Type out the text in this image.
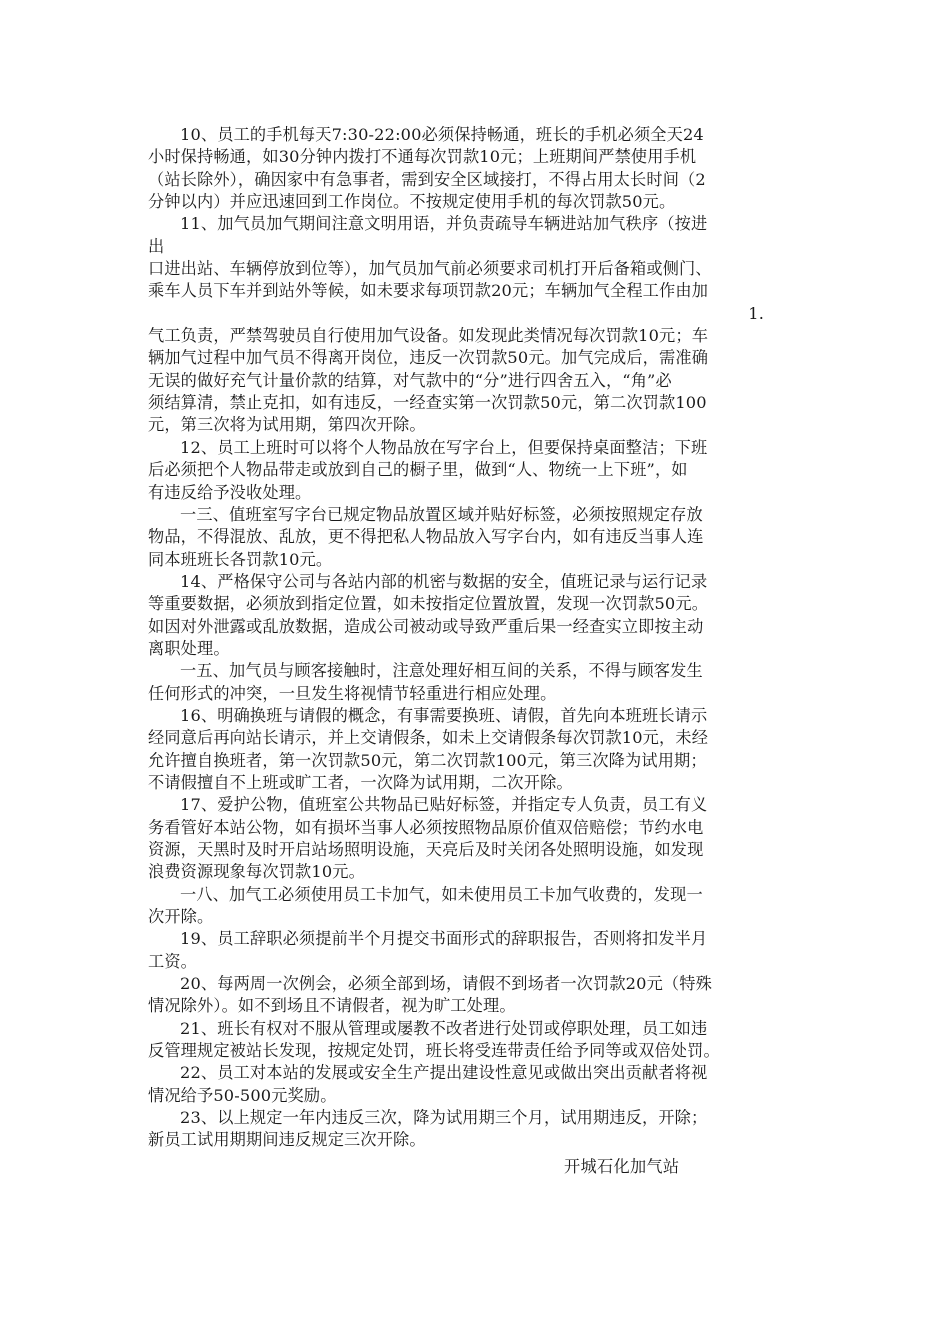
10、员工的手机每天7:30-22:00必须保持畅通，班长的手机必须全天24
小时保持畅通，如30分钟内拨打不通每次罚款10元；上班期间严禁使用手机
（站长除外），确因家中有急事者，需到安全区域接打，不得占用太长时间（2
分钟以内）并应迅速回到工作岗位。不按规定使用手机的每次罚款50元。
11、加气员加气期间注意文明用语，并负责疏导车辆进站加气秩序（按进
出
口进出站、车辆停放到位等），加气员加气前必须要求司机打开后备箱或侧门、
乘车人员下车并到站外等候，如未要求每项罚款20元；车辆加气全程工作由加
1.
气工负责，严禁驾驶员自行使用加气设备。如发现此类情况每次罚款10元；车
辆加气过程中加气员不得离开岗位，违反一次罚款50元。加气完成后，需准确
无误的做好充气计量价款的结算，对气款中的“分”进行四舍五入，“角”必
须结算清，禁止克扣，如有违反，一经查实第一次罚款50元，第二次罚款100
元，第三次将为试用期，第四次开除。
12、员工上班时可以将个人物品放在写字台上，但要保持桌面整洁；下班
后必须把个人物品带走或放到自己的橱子里，做到“人、物统一上下班”，如
有违反给予没收处理。
一三、值班室写字台已规定物品放置区域并贴好标签，必须按照规定存放
物品，不得混放、乱放，更不得把私人物品放入写字台内，如有违反当事人连
同本班班长各罚款10元。
14、严格保守公司与各站内部的机密与数据的安全，值班记录与运行记录
等重要数据，必须放到指定位置，如未按指定位置放置，发现一次罚款50元。
如因对外泄露或乱放数据，造成公司被动或导致严重后果一经查实立即按主动
离职处理。
一五、加气员与顾客接触时，注意处理好相互间的关系，不得与顾客发生
任何形式的冲突，一旦发生将视情节轻重进行相应处理。
16、明确换班与请假的概念，有事需要换班、请假，首先向本班班长请示
经同意后再向站长请示，并上交请假条，如未上交请假条每次罚款10元，未经
允许擅自换班者，第一次罚款50元，第二次罚款100元，第三次降为试用期；
不请假擅自不上班或旷工者，一次降为试用期，二次开除。
17、爱护公物，值班室公共物品已贴好标签，并指定专人负责，员工有义
务看管好本站公物，如有损坏当事人必须按照物品原价值双倍赔偿；节约水电
资源，天黑时及时开启站场照明设施，天亮后及时关闭各处照明设施，如发现
浪费资源现象每次罚款10元。
一八、加气工必须使用员工卡加气，如未使用员工卡加气收费的，发现一
次开除。
19、员工辞职必须提前半个月提交书面形式的辞职报告，否则将扣发半月
工资。
20、每两周一次例会，必须全部到场，请假不到场者一次罚款20元（特殊
情况除外）。如不到场且不请假者，视为旷工处理。
21、班长有权对不服从管理或屡教不改者进行处罚或停职处理，员工如违
反管理规定被站长发现，按规定处罚，班长将受连带责任给予同等或双倍处罚。
22、员工对本站的发展或安全生产提出建设性意见或做出突出贡献者将视
情况给予50-500元奖励。
23、以上规定一年内违反三次，降为试用期三个月，试用期违反，开除；
新员工试用期期间违反规定三次开除。
开城石化加气站
